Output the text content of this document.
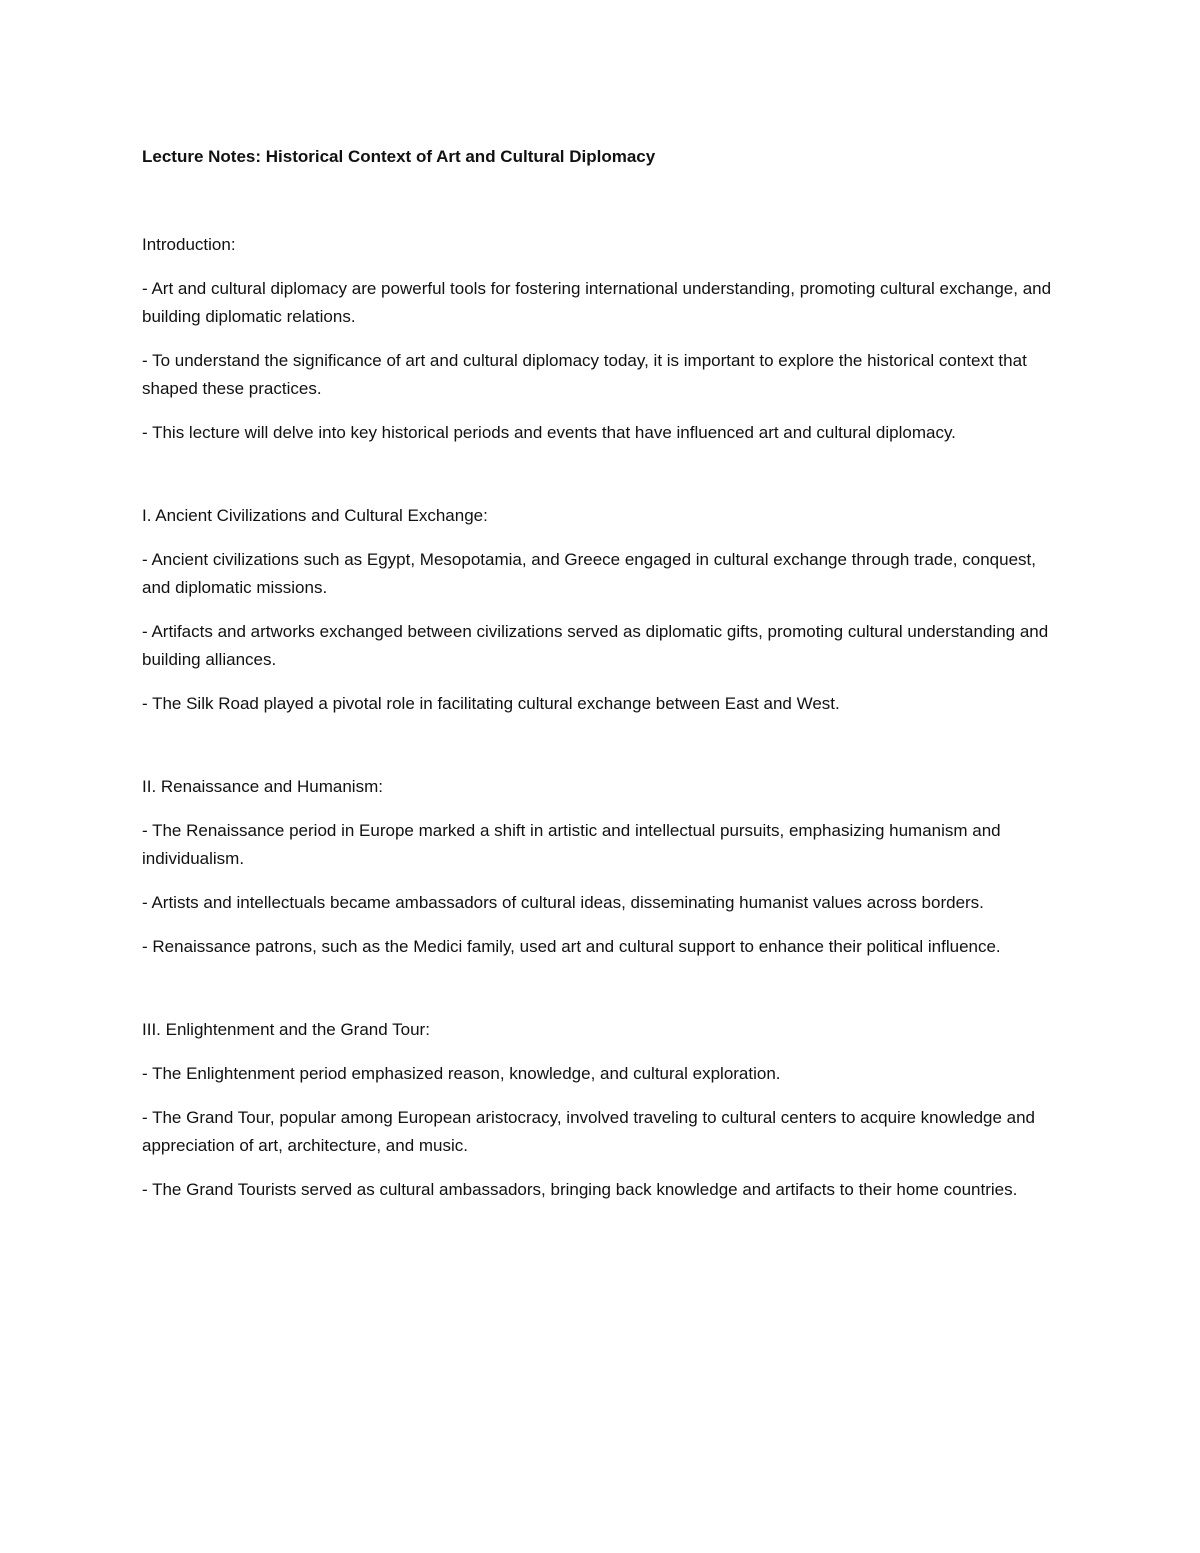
Lecture Notes: Historical Context of Art and Cultural Diplomacy
Introduction:
- Art and cultural diplomacy are powerful tools for fostering international understanding, promoting cultural exchange, and building diplomatic relations.
- To understand the significance of art and cultural diplomacy today, it is important to explore the historical context that shaped these practices.
- This lecture will delve into key historical periods and events that have influenced art and cultural diplomacy.
I. Ancient Civilizations and Cultural Exchange:
- Ancient civilizations such as Egypt, Mesopotamia, and Greece engaged in cultural exchange through trade, conquest, and diplomatic missions.
- Artifacts and artworks exchanged between civilizations served as diplomatic gifts, promoting cultural understanding and building alliances.
- The Silk Road played a pivotal role in facilitating cultural exchange between East and West.
II. Renaissance and Humanism:
- The Renaissance period in Europe marked a shift in artistic and intellectual pursuits, emphasizing humanism and individualism.
- Artists and intellectuals became ambassadors of cultural ideas, disseminating humanist values across borders.
- Renaissance patrons, such as the Medici family, used art and cultural support to enhance their political influence.
III. Enlightenment and the Grand Tour:
- The Enlightenment period emphasized reason, knowledge, and cultural exploration.
- The Grand Tour, popular among European aristocracy, involved traveling to cultural centers to acquire knowledge and appreciation of art, architecture, and music.
- The Grand Tourists served as cultural ambassadors, bringing back knowledge and artifacts to their home countries.
